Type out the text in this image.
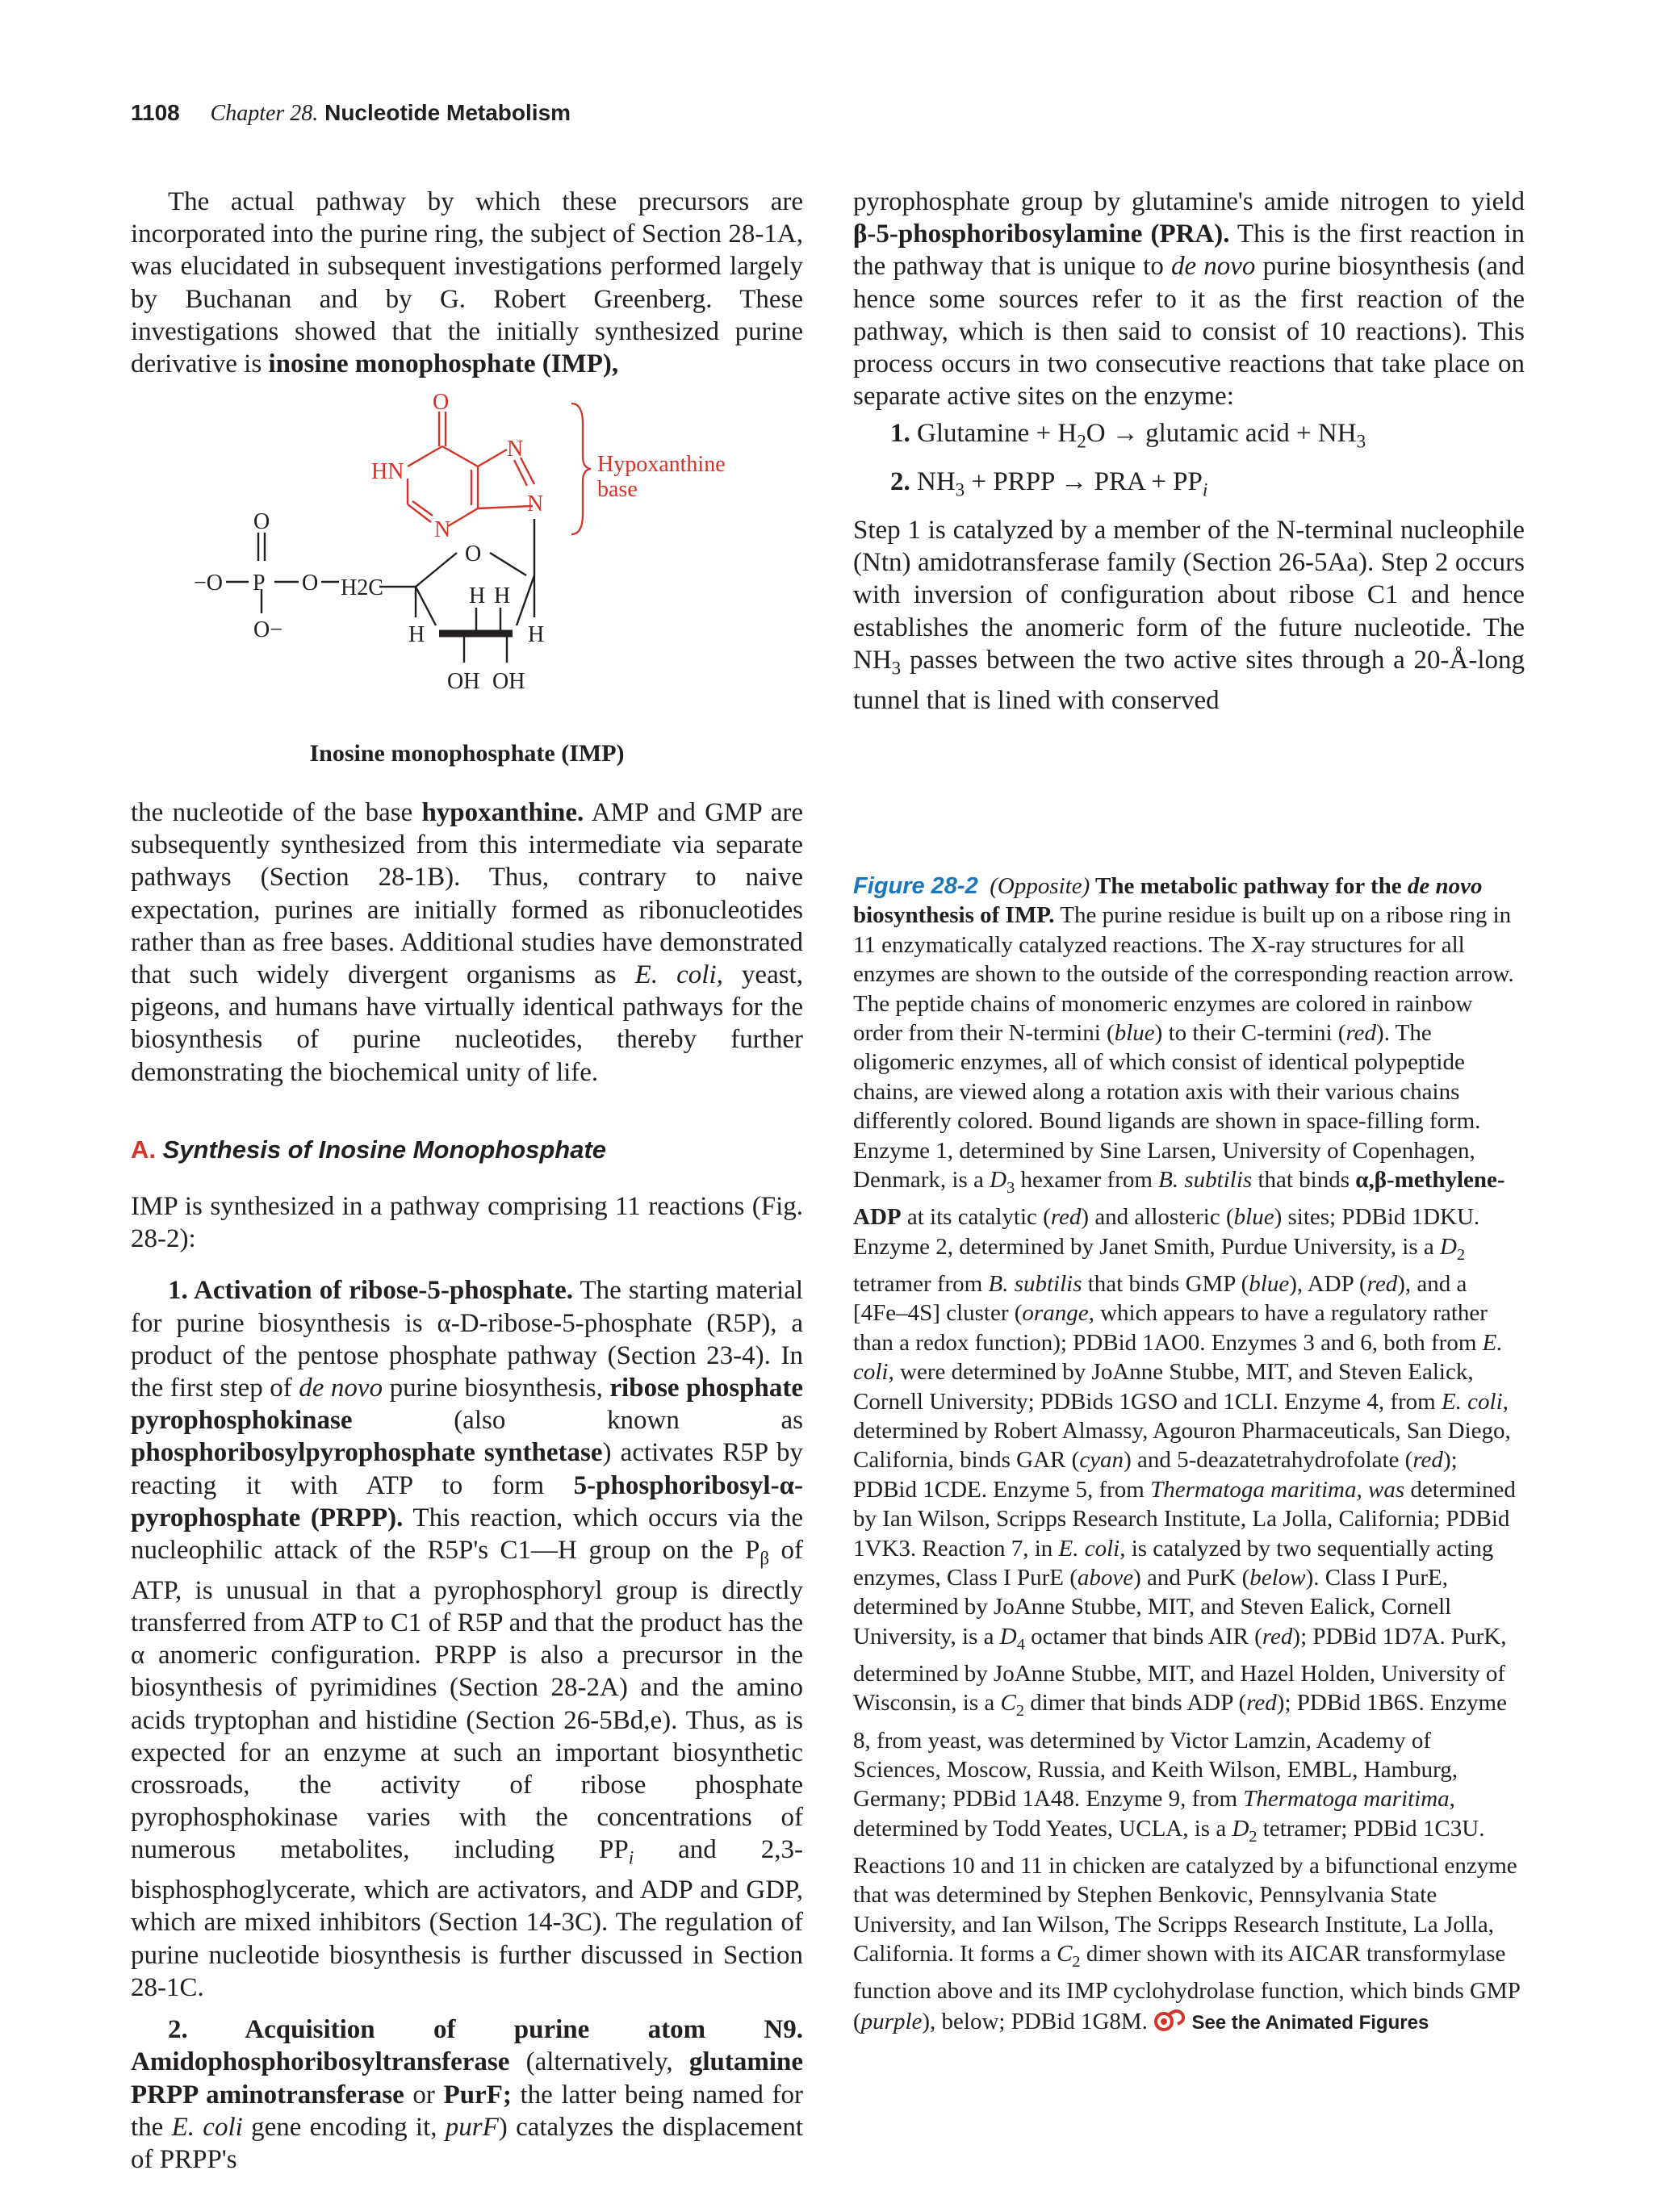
1108 Chapter 28. Nucleotide Metabolism

The actual pathway by which these precursors are incorporated into the purine ring, the subject of Section 28-1A, was elucidated in subsequent investigations performed largely by Buchanan and by G. Robert Greenberg. These investigations showed that the initially synthesized purine derivative is inosine monophosphate (IMP),

O
HN
N
N
N
Hypoxanthine
base
O
−O P O
O−
H2C
O
H
H H
H
OH OH
Inosine monophosphate (IMP)

the nucleotide of the base hypoxanthine. AMP and GMP are subsequently synthesized from this intermediate via separate pathways (Section 28-1B). Thus, contrary to naive expectation, purines are initially formed as ribonucleotides rather than as free bases. Additional studies have demonstrated that such widely divergent organisms as E. coli, yeast, pigeons, and humans have virtually identical pathways for the biosynthesis of purine nucleotides, thereby further demonstrating the biochemical unity of life.

A. Synthesis of Inosine Monophosphate

IMP is synthesized in a pathway comprising 11 reactions (Fig. 28-2):

1. Activation of ribose-5-phosphate. The starting material for purine biosynthesis is α-D-ribose-5-phosphate (R5P), a product of the pentose phosphate pathway (Section 23-4). In the first step of de novo purine biosynthesis, ribose phosphate pyrophosphokinase (also known as phosphoribosylpyrophosphate synthetase) activates R5P by reacting it with ATP to form 5-phosphoribosyl-α-pyrophosphate (PRPP). This reaction, which occurs via the nucleophilic attack of the R5P's C1—H group on the $P_\beta$ of ATP, is unusual in that a pyrophosphoryl group is directly transferred from ATP to C1 of R5P and that the product has the α anomeric configuration. PRPP is also a precursor in the biosynthesis of pyrimidines (Section 28-2A) and the amino acids tryptophan and histidine (Section 26-5Bd,e). Thus, as is expected for an enzyme at such an important biosynthetic crossroads, the activity of ribose phosphate pyrophosphokinase varies with the concentrations of numerous metabolites, including $PP_i$ and 2,3-bisphosphoglycerate, which are activators, and ADP and GDP, which are mixed inhibitors (Section 14-3C). The regulation of purine nucleotide biosynthesis is further discussed in Section 28-1C.

2. Acquisition of purine atom N9. Amidophosphoribosyltransferase (alternatively, glutamine PRPP aminotransferase or PurF; the latter being named for the E. coli gene encoding it, purF) catalyzes the displacement of PRPP's

pyrophosphate group by glutamine's amide nitrogen to yield β-5-phosphoribosylamine (PRA). This is the first reaction in the pathway that is unique to de novo purine biosynthesis (and hence some sources refer to it as the first reaction of the pathway, which is then said to consist of 10 reactions). This process occurs in two consecutive reactions that take place on separate active sites on the enzyme:

1. Glutamine + $H_2O$ → glutamic acid + $NH_3$

2. $NH_3$ + PRPP → PRA + $PP_i$

Step 1 is catalyzed by a member of the N-terminal nucleophile (Ntn) amidotransferase family (Section 26-5Aa). Step 2 occurs with inversion of configuration about ribose C1 and hence establishes the anomeric form of the future nucleotide. The $NH_3$ passes between the two active sites through a 20-Å-long tunnel that is lined with conserved

Figure 28-2 (Opposite) The metabolic pathway for the de novo biosynthesis of IMP. The purine residue is built up on a ribose ring in 11 enzymatically catalyzed reactions. The X-ray structures for all enzymes are shown to the outside of the corresponding reaction arrow. The peptide chains of monomeric enzymes are colored in rainbow order from their N-termini (blue) to their C-termini (red). The oligomeric enzymes, all of which consist of identical polypeptide chains, are viewed along a rotation axis with their various chains differently colored. Bound ligands are shown in space-filling form. Enzyme 1, determined by Sine Larsen, University of Copenhagen, Denmark, is a $D_3$ hexamer from B. subtilis that binds α,β-methylene-ADP at its catalytic (red) and allosteric (blue) sites; PDBid 1DKU. Enzyme 2, determined by Janet Smith, Purdue University, is a $D_2$ tetramer from B. subtilis that binds GMP (blue), ADP (red), and a [4Fe–4S] cluster (orange, which appears to have a regulatory rather than a redox function); PDBid 1AO0. Enzymes 3 and 6, both from E. coli, were determined by JoAnne Stubbe, MIT, and Steven Ealick, Cornell University; PDBids 1GSO and 1CLI. Enzyme 4, from E. coli, determined by Robert Almassy, Agouron Pharmaceuticals, San Diego, California, binds GAR (cyan) and 5-deazatetrahydrofolate (red); PDBid 1CDE. Enzyme 5, from Thermatoga maritima, was determined by Ian Wilson, Scripps Research Institute, La Jolla, California; PDBid 1VK3. Reaction 7, in E. coli, is catalyzed by two sequentially acting enzymes, Class I PurE (above) and PurK (below). Class I PurE, determined by JoAnne Stubbe, MIT, and Steven Ealick, Cornell University, is a $D_4$ octamer that binds AIR (red); PDBid 1D7A. PurK, determined by JoAnne Stubbe, MIT, and Hazel Holden, University of Wisconsin, is a $C_2$ dimer that binds ADP (red); PDBid 1B6S. Enzyme 8, from yeast, was determined by Victor Lamzin, Academy of Sciences, Moscow, Russia, and Keith Wilson, EMBL, Hamburg, Germany; PDBid 1A48. Enzyme 9, from Thermatoga maritima, determined by Todd Yeates, UCLA, is a $D_2$ tetramer; PDBid 1C3U. Reactions 10 and 11 in chicken are catalyzed by a bifunctional enzyme that was determined by Stephen Benkovic, Pennsylvania State University, and Ian Wilson, The Scripps Research Institute, La Jolla, California. It forms a $C_2$ dimer shown with its AICAR transformylase function above and its IMP cyclohydrolase function, which binds GMP (purple), below; PDBid 1G8M. See the Animated Figures
